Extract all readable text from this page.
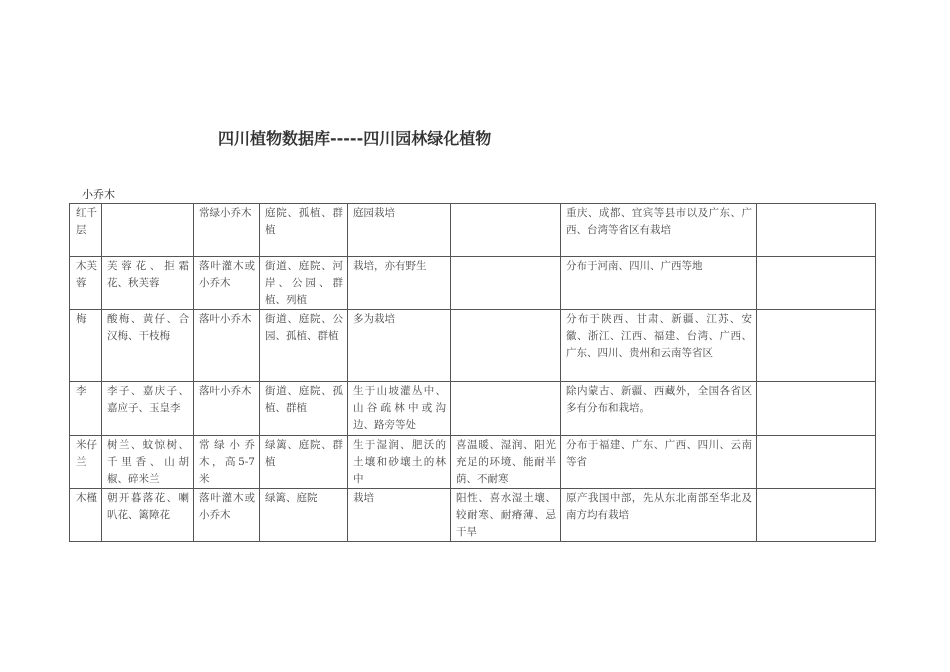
四川植物数据库-----四川园林绿化植物
小乔木
红千层		常绿小乔木	庭院、孤植、群植	庭园栽培		重庆、成都、宜宾等县市以及广东、广西、台湾等省区有栽培	
木芙蓉	芙蓉花、拒霜花、秋芙蓉	落叶灌木或小乔木	街道、庭院、河岸、公园、群植、列植	栽培，亦有野生		分布于河南、四川、广西等地	
梅	酸梅、黄仔、合汉梅、干枝梅	落叶小乔木	街道、庭院、公园、孤植、群植	多为栽培		分布于陕西、甘肃、新疆、江苏、安徽、浙江、江西、福建、台湾、广西、广东、四川、贵州和云南等省区	
李	李子、嘉庆子、嘉应子、玉皇李	落叶小乔木	街道、庭院、孤植、群植	生于山坡灌丛中、山谷疏林中或沟边、路旁等处		除内蒙古、新疆、西藏外，全国各省区多有分布和栽培。	
米仔兰	树兰、蚊惊树、千里香、山胡椒、碎米兰	常绿小乔木，高5-7米	绿篱、庭院、群植	生于湿润、肥沃的土壤和砂壤土的林中	喜温暖、湿润、阳光充足的环境、能耐半荫、不耐寒	分布于福建、广东、广西、四川、云南等省	
木槿	朝开暮落花、喇叭花、篱障花	落叶灌木或小乔木	绿篱、庭院	栽培	阳性、喜水湿土壤、较耐寒、耐瘠薄、忌干旱	原产我国中部，先从东北南部至华北及南方均有栽培	
